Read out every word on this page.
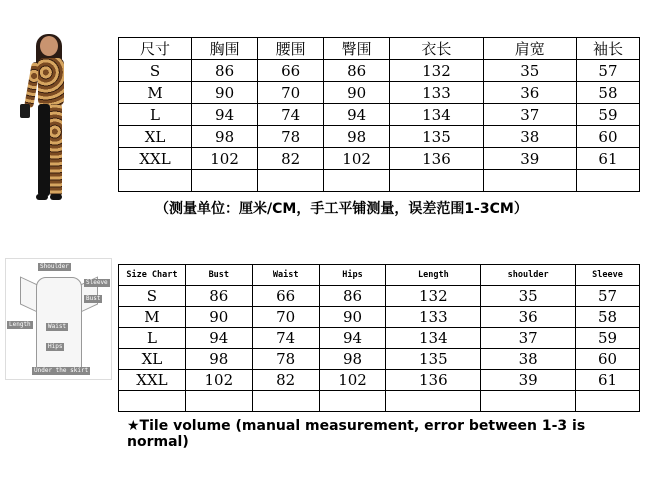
尺寸	胸围	腰围	臀围	衣长	肩宽	袖长
S	86	66	86	132	35	57
M	90	70	90	133	36	58
L	94	74	94	134	37	59
XL	98	78	98	135	38	60
XXL	102	82	102	136	39	61

（测量单位：厘米/CM，手工平铺测量，误差范围1-3CM）
Shoulder
Sleeve
Bust
Length	Waist
Hips
Under the skirt
Size Chart	Bust	Waist	Hips	Length	shoulder	Sleeve
S	86	66	86	132	35	57
M	90	70	90	133	36	58
L	94	74	94	134	37	59
XL	98	78	98	135	38	60
XXL	102	82	102	136	39	61

★Tile volume (manual measurement, error between 1-3 is normal)
